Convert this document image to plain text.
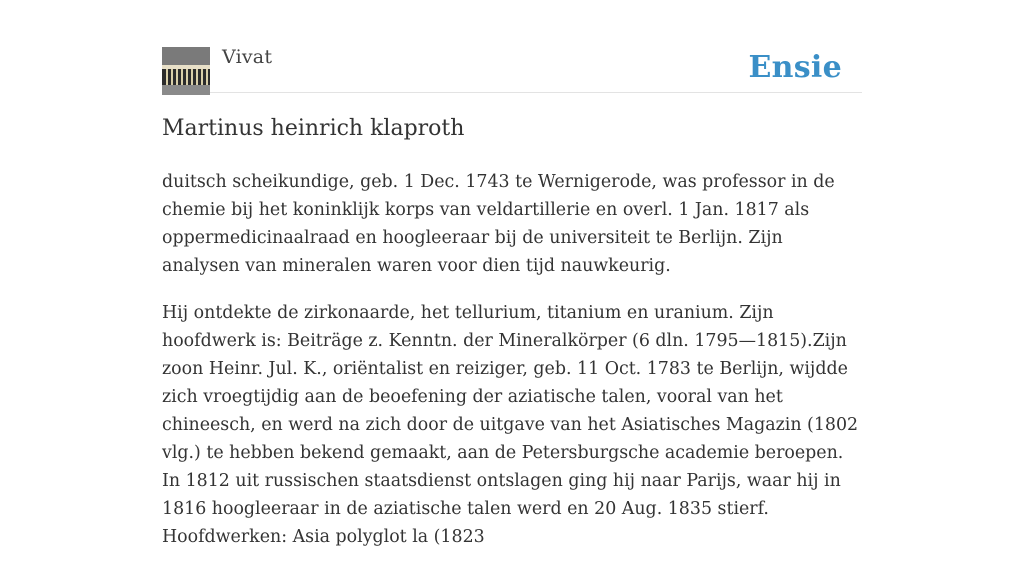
Vivat	Ensie
Martinus heinrich klaproth

duitsch scheikundige, geb. 1 Dec. 1743 te Wernigerode, was professor in de chemie bij het koninklijk korps van veldartillerie en overl. 1 Jan. 1817 als oppermedicinaalraad en hoogleeraar bij de universiteit te Berlijn. Zijn analysen van mineralen waren voor dien tijd nauwkeurig.

Hij ontdekte de zirkonaarde, het tellurium, titanium en uranium. Zijn hoofdwerk is: Beiträge z. Kenntn. der Mineralkörper (6 dln. 1795—1815).Zijn zoon Heinr. Jul. K., oriëntalist en reiziger, geb. 11 Oct. 1783 te Berlijn, wijdde zich vroegtijdig aan de beoefening der aziatische talen, vooral van het chineesch, en werd na zich door de uitgave van het Asiatisches Magazin (1802 vlg.) te hebben bekend gemaakt, aan de Petersburgsche academie beroepen. In 1812 uit russischen staatsdienst ontslagen ging hij naar Parijs, waar hij in 1816 hoogleeraar in de aziatische talen werd en 20 Aug. 1835 stierf. Hoofdwerken: Asia polyglot la (1823
